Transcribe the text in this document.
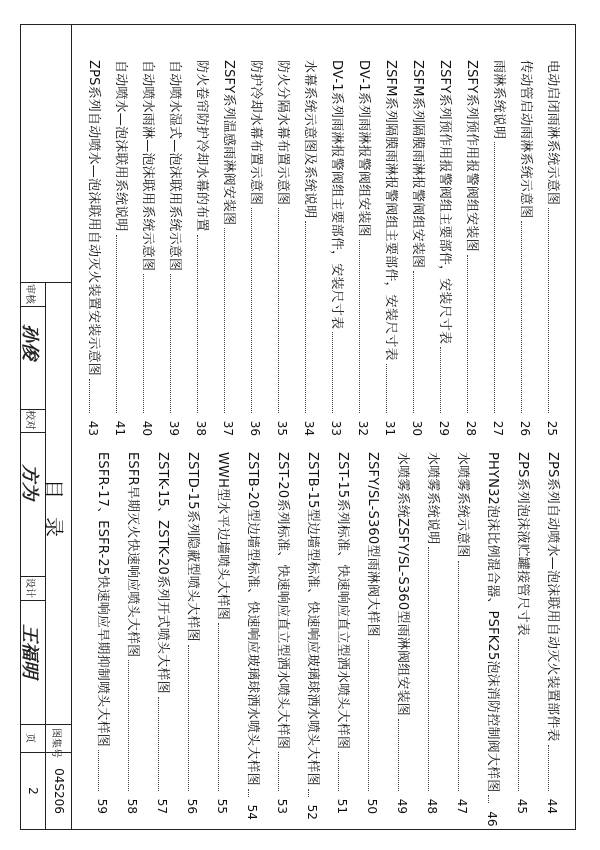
电动启闭雨淋系统示意图
25
传动管启动雨淋系统示意图
26
雨淋系统说明
27
ZSFY系列预作用报警阀组安装图
28
ZSFY系列预作用报警阀组主要部件，安装尺寸表
29
ZSFM系列隔膜雨淋报警阀组安装图
30
ZSFM系列隔膜雨淋报警阀组主要部件，安装尺寸表
31
DV-1系列雨淋报警阀组安装图
32
DV-1系列雨淋报警阀组主要部件，安装尺寸表
33
水幕系统示意图及系统说明
34
防火分隔水幕布置示意图
35
防护冷却水幕布置示意图
36
ZSFY系列温感雨淋阀安装图
37
防火卷帘防护冷却水幕的布置
38
自动喷水湿式—泡沫联用系统示意图
39
自动喷水雨淋—泡沫联用系统示意图
40
自动喷水—泡沫联用系统说明
41
ZPS系列自动喷水—泡沫联用自动灭火装置安装示意图
43
ZPS系列自动喷水—泡沫联用自动灭火装置部件表
44
ZPS系列泡沫液贮罐接管尺寸表
45
PHYN32泡沫比例混合器、PSFK25泡沫消防控制阀大样图
46
水喷雾系统示意图
47
水喷雾系统说明
48
水喷雾系统ZSFY/SL-S360型雨淋阀组安装图
49
ZSFY/SL-S360型雨淋阀大样图
50
ZST-15系列标准、快速响应直立型洒水喷头大样图
51
ZSTB-15型边墙型标准、快速响应玻璃球洒水喷头大样图
52
ZST-20系列标准、快速响应直立型洒水喷头大样图
53
ZSTB-20型边墙型标准、快速响应玻璃球洒水喷头大样图
54
WWH型水平边墙喷头大样图
55
ZSTD-15系列隐蔽型喷头大样图
56
ZSTK-15、ZSTK-20系列开式喷头大样图
57
ESFR早期灭火快速响应喷头大样图
58
ESFR-17、ESFR-25快速响应早期抑制喷头大样图
59
目录
图集号
04S206
页
2
审核
孙俊
校对
方为
设计
王福明
